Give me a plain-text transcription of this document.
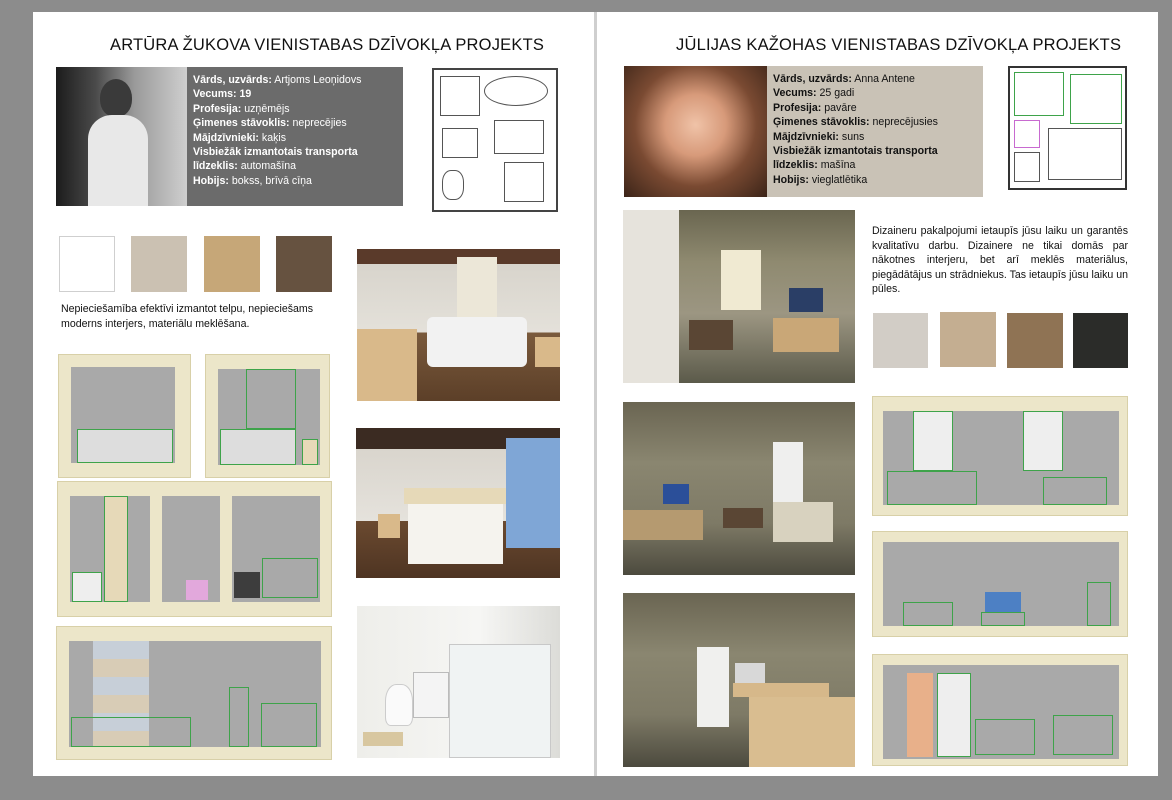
ARTŪRA ŽUKOVA VIENISTABAS DZĪVOKĻA PROJEKTS
Vārds, uzvārds: Artjoms Leoņidovs
Vecums: 19
Profesija: uzņēmējs
Ģimenes stāvoklis: neprecējies
Mājdzīvnieki: kaķis
Visbiežāk izmantotais transporta līdzeklis: automašīna
Hobijs: bokss, brīvā cīņa
Nepieciešamība efektīvi izmantot telpu, nepieciešams moderns interjers, materiālu meklēšana.
JŪLIJAS KAŽOHAS VIENISTABAS DZĪVOKĻA PROJEKTS
Vārds, uzvārds: Anna Antene
Vecums: 25 gadi
Profesija: pavāre
Ģimenes stāvoklis: neprecējusies
Mājdzīvnieki: suns
Visbiežāk izmantotais transporta līdzeklis: mašīna
Hobijs: vieglatlētika
Dizaineru pakalpojumi ietaupīs jūsu laiku un garantēs kvalitatīvu darbu. Dizainere ne tikai domās par nākotnes interjeru, bet arī meklēs materiālus, piegādātājus un strādniekus. Tas ietaupīs jūsu laiku un pūles.
